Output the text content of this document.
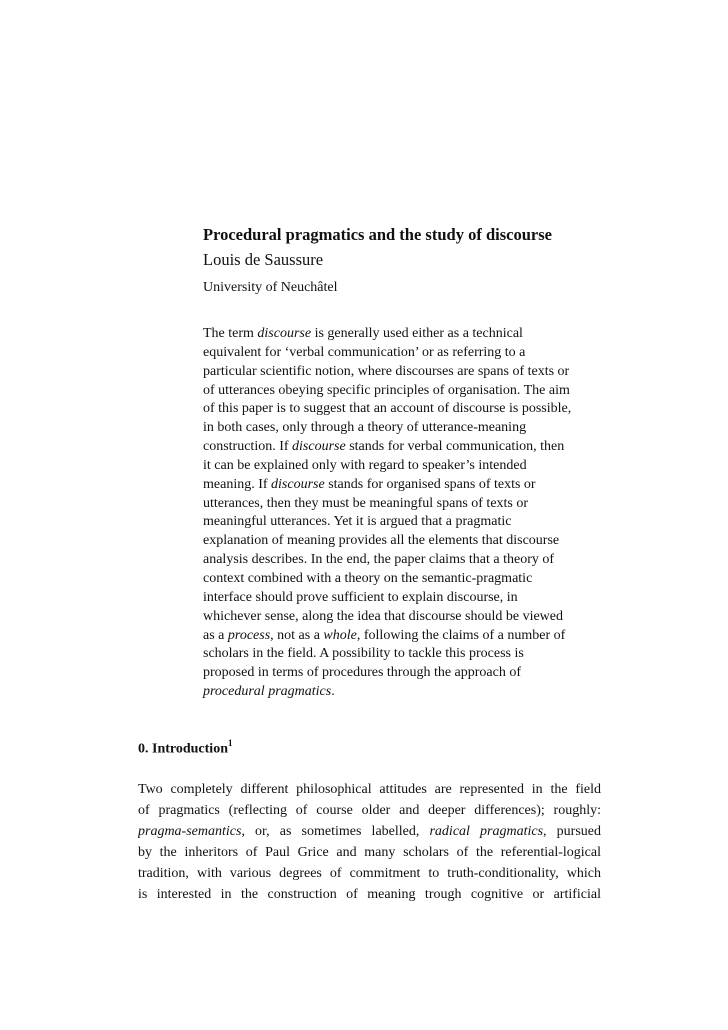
Procedural pragmatics and the study of discourse
Louis de Saussure
University of Neuchâtel
The term discourse is generally used either as a technical
equivalent for ‘verbal communication’ or as referring to a
particular scientific notion, where discourses are spans of texts or
of utterances obeying specific principles of organisation. The aim
of this paper is to suggest that an account of discourse is possible,
in both cases, only through a theory of utterance-meaning
construction. If discourse stands for verbal communication, then
it can be explained only with regard to speaker’s intended
meaning. If discourse stands for organised spans of texts or
utterances, then they must be meaningful spans of texts or
meaningful utterances. Yet it is argued that a pragmatic
explanation of meaning provides all the elements that discourse
analysis describes. In the end, the paper claims that a theory of
context combined with a theory on the semantic-pragmatic
interface should prove sufficient to explain discourse, in
whichever sense, along the idea that discourse should be viewed
as a process, not as a whole, following the claims of a number of
scholars in the field. A possibility to tackle this process is
proposed in terms of procedures through the approach of
procedural pragmatics.
0. Introduction$^1$
Two completely different philosophical attitudes are represented in the field
of pragmatics (reflecting of course older and deeper differences); roughly:
pragma-semantics, or, as sometimes labelled, radical pragmatics, pursued
by the inheritors of Paul Grice and many scholars of the referential-logical
tradition, with various degrees of commitment to truth-conditionality, which
is interested in the construction of meaning trough cognitive or artificial
